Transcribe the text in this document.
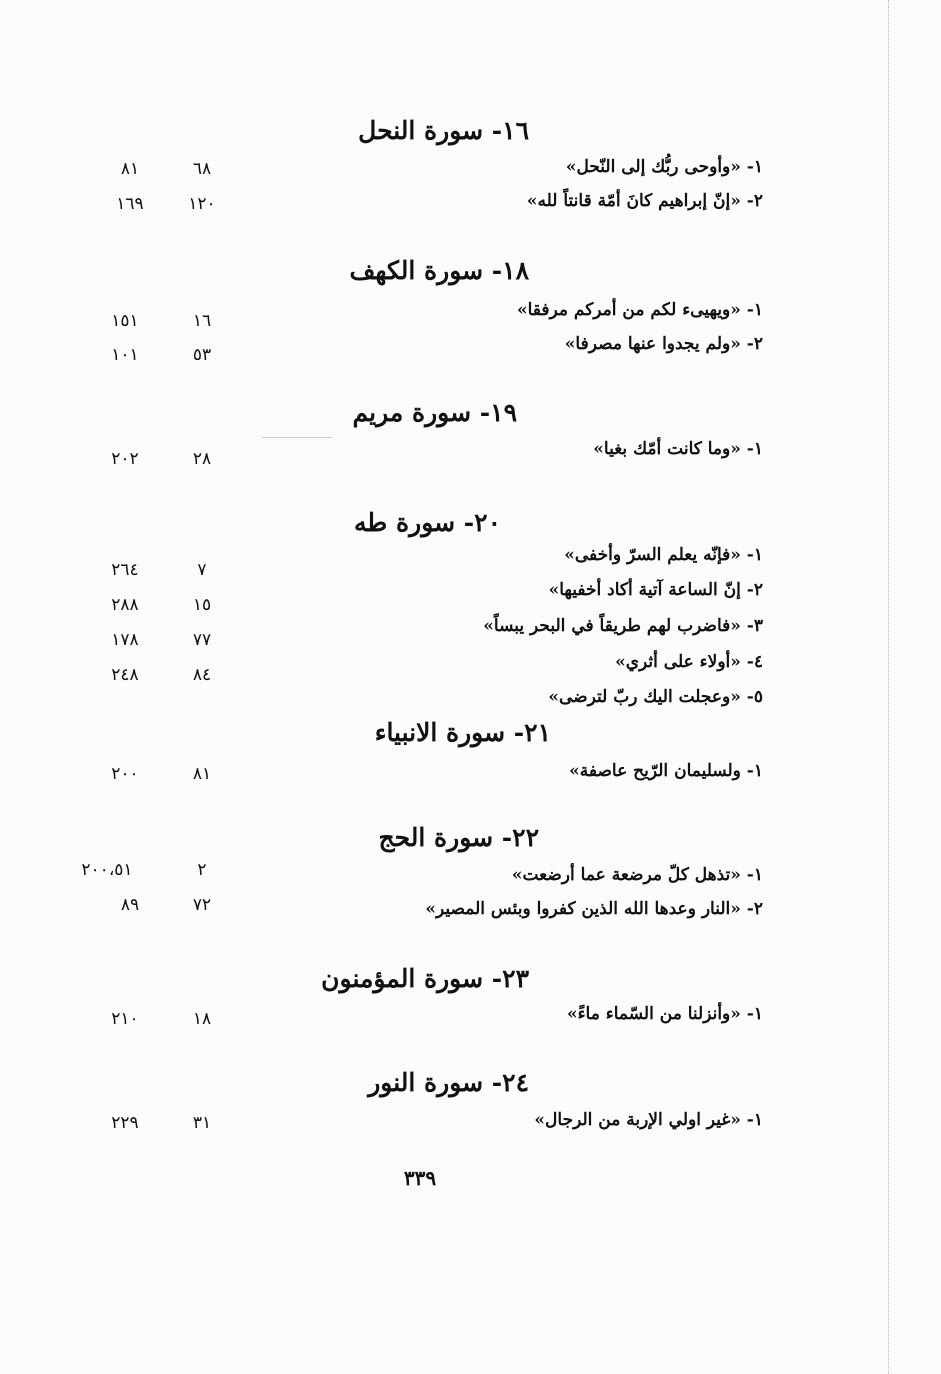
١٦- سورة النحل
١- «وأوحى ربُّك إلى النّحل»
٦٨
٨١
٢- «إنّ إبراهيم كانَ أمّة قانتاً لله»
١٢٠
١٦٩
١٨- سورة الكهف
١- «ويهيىء لكم من أمركم مرفقا»
١٦
١٥١
٢- «ولم يجدوا عنها مصرفا»
٥٣
١٠١
١٩- سورة مريم
١- «وما كانت أمّك بغيا»
٢٨
٢٠٢
٢٠- سورة طه
١- «فإنّه يعلم السرّ وأخفى»
٧
٢٦٤
٢- إنّ الساعة آتية أكاد أخفيها»
١٥
٢٨٨
٣- «فاضرب لهم طريقاً في البحر يبساً»
٧٧
١٧٨
٤- «أولاء على أثري»
٨٤
٢٤٨
٥- «وعجلت اليك ربّ لترضى»
٢١- سورة الانبياء
١- ولسليمان الرّيح عاصفة»
٨١
٢٠٠
٢٢- سورة الحج
١- «تذهل كلّ مرضعة عما أرضعت»
٢
٢٠٠،٥١
٢- «النار وعدها الله الذين كفروا وبئس المصير»
٧٢
٨٩
٢٣- سورة المؤمنون
١- «وأنزلنا من السّماء ماءً»
١٨
٢١٠
٢٤- سورة النور
١- «غير اولي الإربة من الرجال»
٣١
٢٢٩
٣٣٩
